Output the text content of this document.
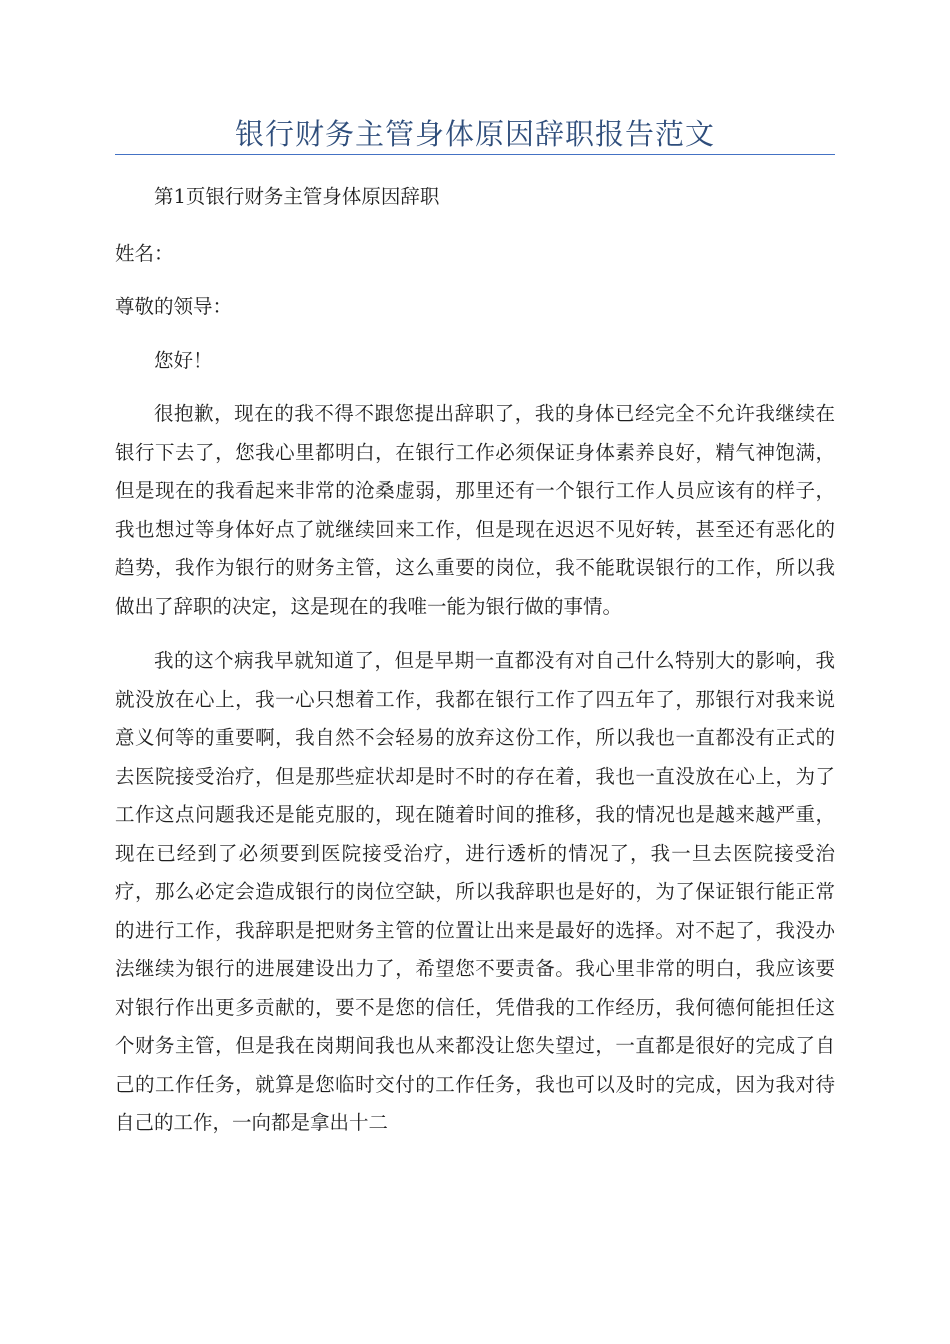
银行财务主管身体原因辞职报告范文

第1页银行财务主管身体原因辞职

姓名：

尊敬的领导：

您好！

很抱歉，现在的我不得不跟您提出辞职了，我的身体已经完全不允许我继续在银行下去了，您我心里都明白，在银行工作必须保证身体素养良好，精气神饱满，但是现在的我看起来非常的沧桑虚弱，那里还有一个银行工作人员应该有的样子，我也想过等身体好点了就继续回来工作，但是现在迟迟不见好转，甚至还有恶化的趋势，我作为银行的财务主管，这么重要的岗位，我不能耽误银行的工作，所以我做出了辞职的决定，这是现在的我唯一能为银行做的事情。

我的这个病我早就知道了，但是早期一直都没有对自己什么特别大的影响，我就没放在心上，我一心只想着工作，我都在银行工作了四五年了，那银行对我来说意义何等的重要啊，我自然不会轻易的放弃这份工作，所以我也一直都没有正式的去医院接受治疗，但是那些症状却是时不时的存在着，我也一直没放在心上，为了工作这点问题我还是能克服的，现在随着时间的推移，我的情况也是越来越严重，现在已经到了必须要到医院接受治疗，进行透析的情况了，我一旦去医院接受治疗，那么必定会造成银行的岗位空缺，所以我辞职也是好的，为了保证银行能正常的进行工作，我辞职是把财务主管的位置让出来是最好的选择。对不起了，我没办法继续为银行的进展建设出力了，希望您不要责备。我心里非常的明白，我应该要对银行作出更多贡献的，要不是您的信任，凭借我的工作经历，我何德何能担任这个财务主管，但是我在岗期间我也从来都没让您失望过，一直都是很好的完成了自己的工作任务，就算是您临时交付的工作任务，我也可以及时的完成，因为我对待自己的工作，一向都是拿出十二
